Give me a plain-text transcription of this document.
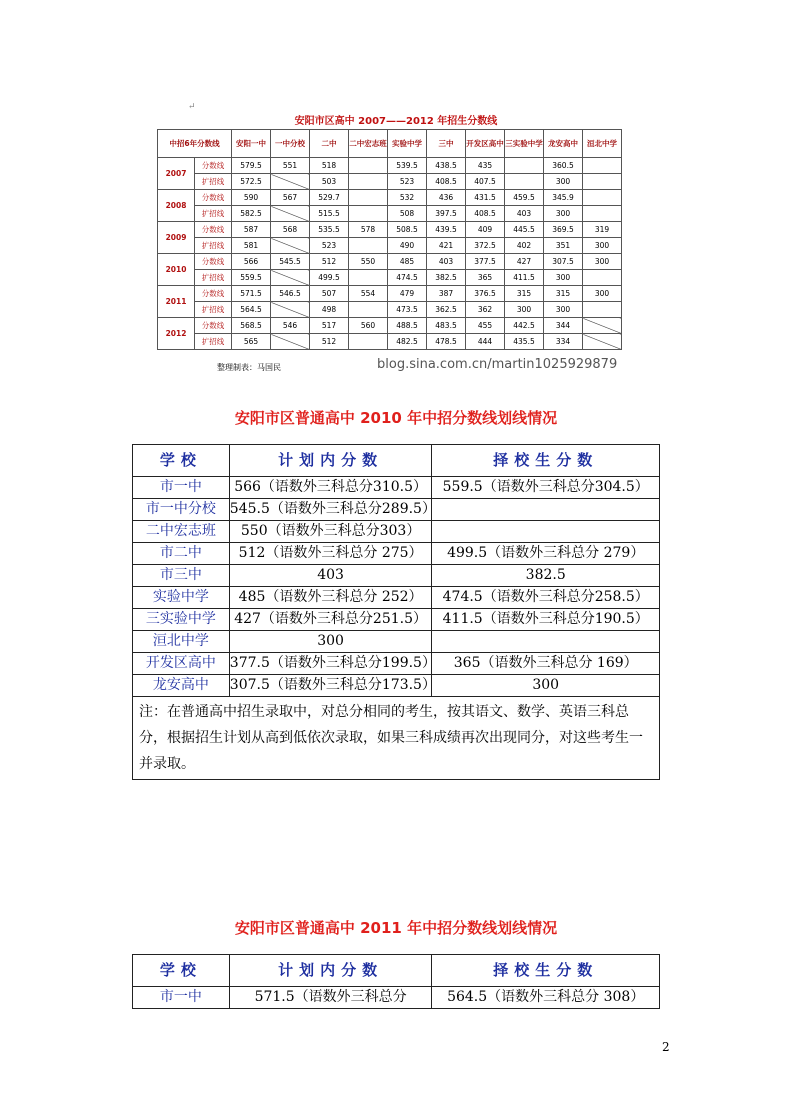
↵
安阳市区高中 2007——2012 年招生分数线
中招6年分数线		安阳一中	一中分校	二中	二中宏志班	实验中学	三中	开发区高中	三实验中学	龙安高中	洹北中学
2007	分数线	579.5	551	518		539.5	438.5	435		360.5	
	扩招线	572.5		503		523	408.5	407.5		300	
2008	分数线	590	567	529.7		532	436	431.5	459.5	345.9	
	扩招线	582.5		515.5		508	397.5	408.5	403	300	
2009	分数线	587	568	535.5	578	508.5	439.5	409	445.5	369.5	319
	扩招线	581		523		490	421	372.5	402	351	300
2010	分数线	566	545.5	512	550	485	403	377.5	427	307.5	300
	扩招线	559.5		499.5		474.5	382.5	365	411.5	300	
2011	分数线	571.5	546.5	507	554	479	387	376.5	315	315	300
	扩招线	564.5		498		473.5	362.5	362	300	300	
2012	分数线	568.5	546	517	560	488.5	483.5	455	442.5	344	
	扩招线	565		512		482.5	478.5	444	435.5	334	
整理制表：马国民	blog.sina.com.cn/martin1025929879
安阳市区普通高中 2010 年中招分数线划线情况
学校	计划内分数	择校生分数
市一中	566（语数外三科总分310.5）	559.5（语数外三科总分304.5）
市一中分校	545.5（语数外三科总分289.5）	
二中宏志班	550（语数外三科总分303）	
市二中	512（语数外三科总分 275）	499.5（语数外三科总分 279）
市三中	403	382.5
实验中学	485（语数外三科总分 252）	474.5（语数外三科总分258.5）
三实验中学	427（语数外三科总分251.5）	411.5（语数外三科总分190.5）
洹北中学	300	
开发区高中	377.5（语数外三科总分199.5）	365（语数外三科总分 169）
龙安高中	307.5（语数外三科总分173.5）	300
注：在普通高中招生录取中，对总分相同的考生，按其语文、数学、英语三科总分，根据招生计划从高到低依次录取，如果三科成绩再次出现同分，对这些考生一并录取。		
安阳市区普通高中 2011 年中招分数线划线情况
学校	计划内分数	择校生分数
市一中	571.5（语数外三科总分	564.5（语数外三科总分 308）
2
